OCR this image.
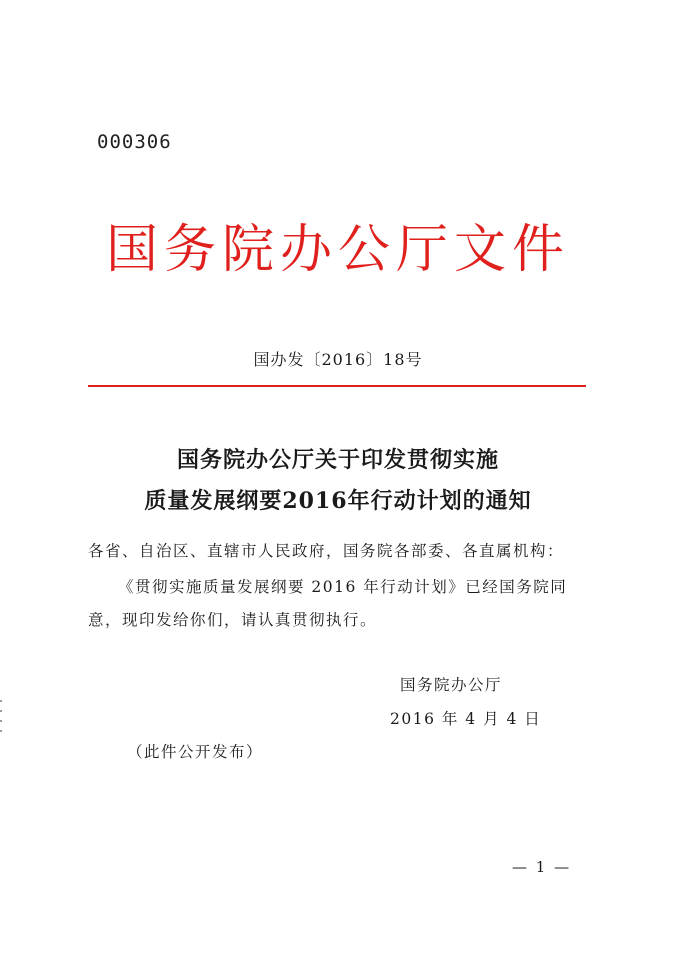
000306
国务院办公厅文件
国办发〔2016〕18号
国务院办公厅关于印发贯彻实施
质量发展纲要2016年行动计划的通知
各省、自治区、直辖市人民政府，国务院各部委、各直属机构：
《贯彻实施质量发展纲要 2016 年行动计划》已经国务院同
意，现印发给你们，请认真贯彻执行。
国务院办公厅
2016 年 4 月 4 日
（此件公开发布）
— 1 —
